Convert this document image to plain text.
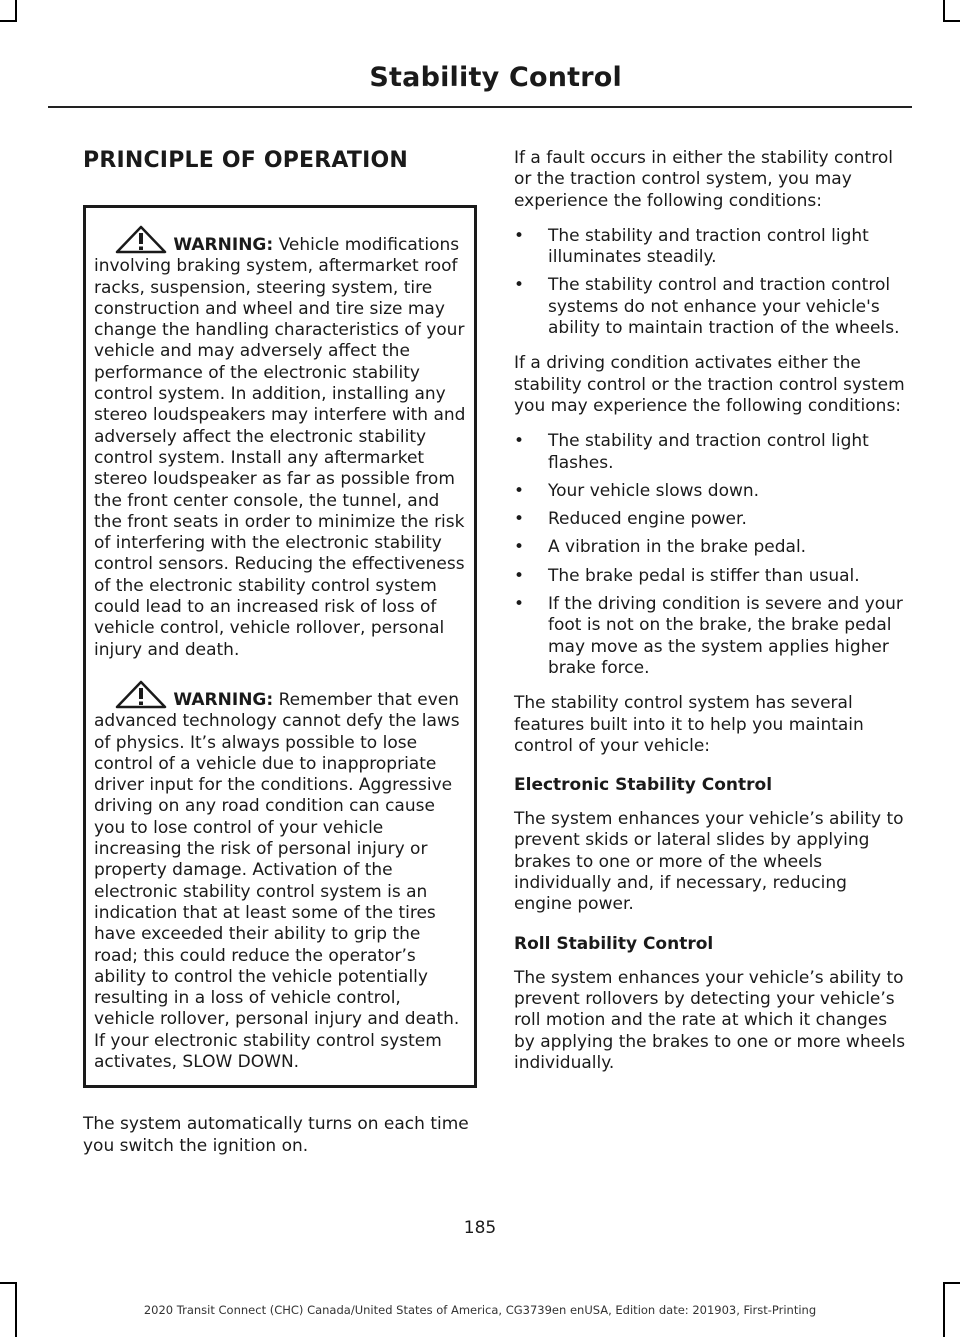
Stability Control
PRINCIPLE OF OPERATION

WARNING: Vehicle modifications involving braking system, aftermarket roof racks, suspension, steering system, tire construction and wheel and tire size may change the handling characteristics of your vehicle and may adversely affect the performance of the electronic stability control system. In addition, installing any stereo loudspeakers may interfere with and adversely affect the electronic stability control system. Install any aftermarket stereo loudspeaker as far as possible from the front center console, the tunnel, and the front seats in order to minimize the risk of interfering with the electronic stability control sensors. Reducing the effectiveness of the electronic stability control system could lead to an increased risk of loss of vehicle control, vehicle rollover, personal injury and death.

WARNING: Remember that even advanced technology cannot defy the laws of physics. It’s always possible to lose control of a vehicle due to inappropriate driver input for the conditions. Aggressive driving on any road condition can cause you to lose control of your vehicle increasing the risk of personal injury or property damage. Activation of the electronic stability control system is an indication that at least some of the tires have exceeded their ability to grip the road; this could reduce the operator’s ability to control the vehicle potentially resulting in a loss of vehicle control, vehicle rollover, personal injury and death. If your electronic stability control system activates, SLOW DOWN.

The system automatically turns on each time you switch the ignition on.

If a fault occurs in either the stability control or the traction control system, you may experience the following conditions:

• The stability and traction control light illuminates steadily.
• The stability control and traction control systems do not enhance your vehicle's ability to maintain traction of the wheels.

If a driving condition activates either the stability control or the traction control system you may experience the following conditions:

• The stability and traction control light flashes.
• Your vehicle slows down.
• Reduced engine power.
• A vibration in the brake pedal.
• The brake pedal is stiffer than usual.
• If the driving condition is severe and your foot is not on the brake, the brake pedal may move as the system applies higher brake force.

The stability control system has several features built into it to help you maintain control of your vehicle:

Electronic Stability Control

The system enhances your vehicle’s ability to prevent skids or lateral slides by applying brakes to one or more of the wheels individually and, if necessary, reducing engine power.

Roll Stability Control

The system enhances your vehicle’s ability to prevent rollovers by detecting your vehicle’s roll motion and the rate at which it changes by applying the brakes to one or more wheels individually.

185
2020 Transit Connect (CHC) Canada/United States of America, CG3739en enUSA, Edition date: 201903, First-Printing
